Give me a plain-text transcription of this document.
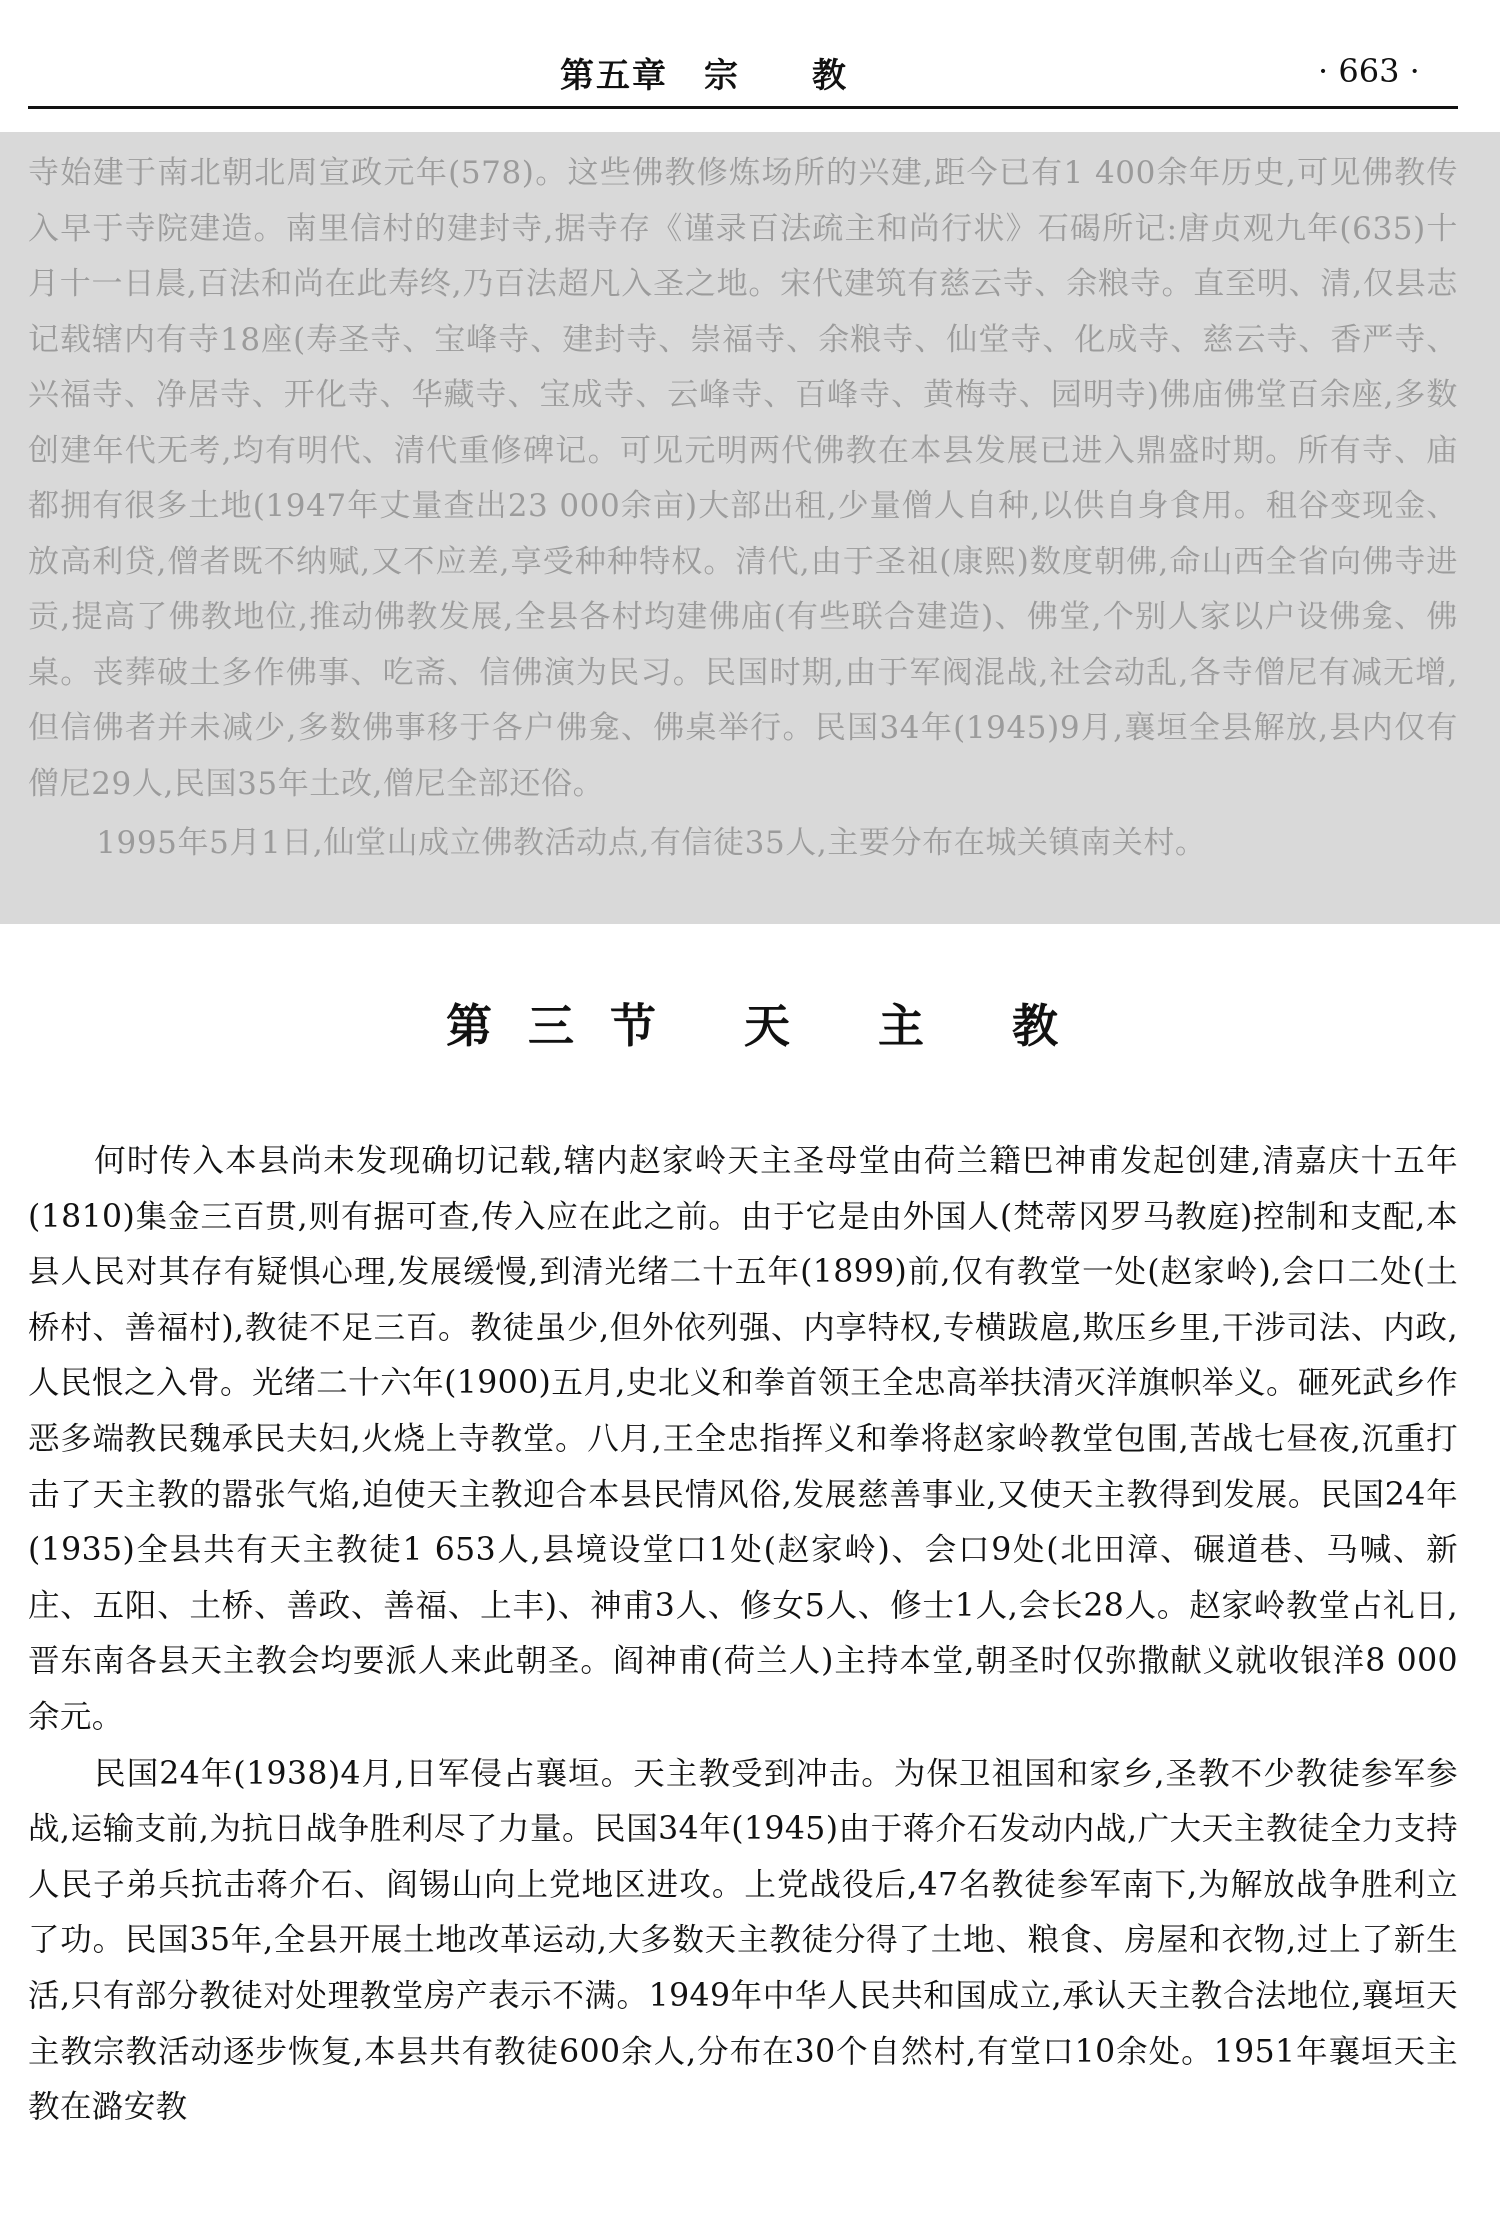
第五章　宗　　教	· 663 ·

寺始建于南北朝北周宣政元年(578)。这些佛教修炼场所的兴建,距今已有1 400余年历史,可见佛教传入早于寺院建造。南里信村的建封寺,据寺存《谨录百法疏主和尚行状》石碣所记:唐贞观九年(635)十月十一日晨,百法和尚在此寿终,乃百法超凡入圣之地。宋代建筑有慈云寺、余粮寺。直至明、清,仅县志记载辖内有寺18座(寿圣寺、宝峰寺、建封寺、崇福寺、余粮寺、仙堂寺、化成寺、慈云寺、香严寺、兴福寺、净居寺、开化寺、华藏寺、宝成寺、云峰寺、百峰寺、黄梅寺、园明寺)佛庙佛堂百余座,多数创建年代无考,均有明代、清代重修碑记。可见元明两代佛教在本县发展已进入鼎盛时期。所有寺、庙都拥有很多土地(1947年丈量查出23 000余亩)大部出租,少量僧人自种,以供自身食用。租谷变现金、放高利贷,僧者既不纳赋,又不应差,享受种种特权。清代,由于圣祖(康熙)数度朝佛,命山西全省向佛寺进贡,提高了佛教地位,推动佛教发展,全县各村均建佛庙(有些联合建造)、佛堂,个别人家以户设佛龛、佛桌。丧葬破土多作佛事、吃斋、信佛演为民习。民国时期,由于军阀混战,社会动乱,各寺僧尼有减无增,但信佛者并未减少,多数佛事移于各户佛龛、佛桌举行。民国34年(1945)9月,襄垣全县解放,县内仅有僧尼29人,民国35年土改,僧尼全部还俗。

1995年5月1日,仙堂山成立佛教活动点,有信徒35人,主要分布在城关镇南关村。

第三节 天 主 教

何时传入本县尚未发现确切记载,辖内赵家岭天主圣母堂由荷兰籍巴神甫发起创建,清嘉庆十五年(1810)集金三百贯,则有据可查,传入应在此之前。由于它是由外国人(梵蒂冈罗马教庭)控制和支配,本县人民对其存有疑惧心理,发展缓慢,到清光绪二十五年(1899)前,仅有教堂一处(赵家岭),会口二处(土桥村、善福村),教徒不足三百。教徒虽少,但外依列强、内享特权,专横跋扈,欺压乡里,干涉司法、内政,人民恨之入骨。光绪二十六年(1900)五月,史北义和拳首领王全忠高举扶清灭洋旗帜举义。砸死武乡作恶多端教民魏承民夫妇,火烧上寺教堂。八月,王全忠指挥义和拳将赵家岭教堂包围,苦战七昼夜,沉重打击了天主教的嚣张气焰,迫使天主教迎合本县民情风俗,发展慈善事业,又使天主教得到发展。民国24年(1935)全县共有天主教徒1 653人,县境设堂口1处(赵家岭)、会口9处(北田漳、碾道巷、马喊、新庄、五阳、土桥、善政、善福、上丰)、神甫3人、修女5人、修士1人,会长28人。赵家岭教堂占礼日,晋东南各县天主教会均要派人来此朝圣。阎神甫(荷兰人)主持本堂,朝圣时仅弥撒献义就收银洋8 000余元。

民国24年(1938)4月,日军侵占襄垣。天主教受到冲击。为保卫祖国和家乡,圣教不少教徒参军参战,运输支前,为抗日战争胜利尽了力量。民国34年(1945)由于蒋介石发动内战,广大天主教徒全力支持人民子弟兵抗击蒋介石、阎锡山向上党地区进攻。上党战役后,47名教徒参军南下,为解放战争胜利立了功。民国35年,全县开展土地改革运动,大多数天主教徒分得了土地、粮食、房屋和衣物,过上了新生活,只有部分教徒对处理教堂房产表示不满。1949年中华人民共和国成立,承认天主教合法地位,襄垣天主教宗教活动逐步恢复,本县共有教徒600余人,分布在30个自然村,有堂口10余处。1951年襄垣天主教在潞安教
